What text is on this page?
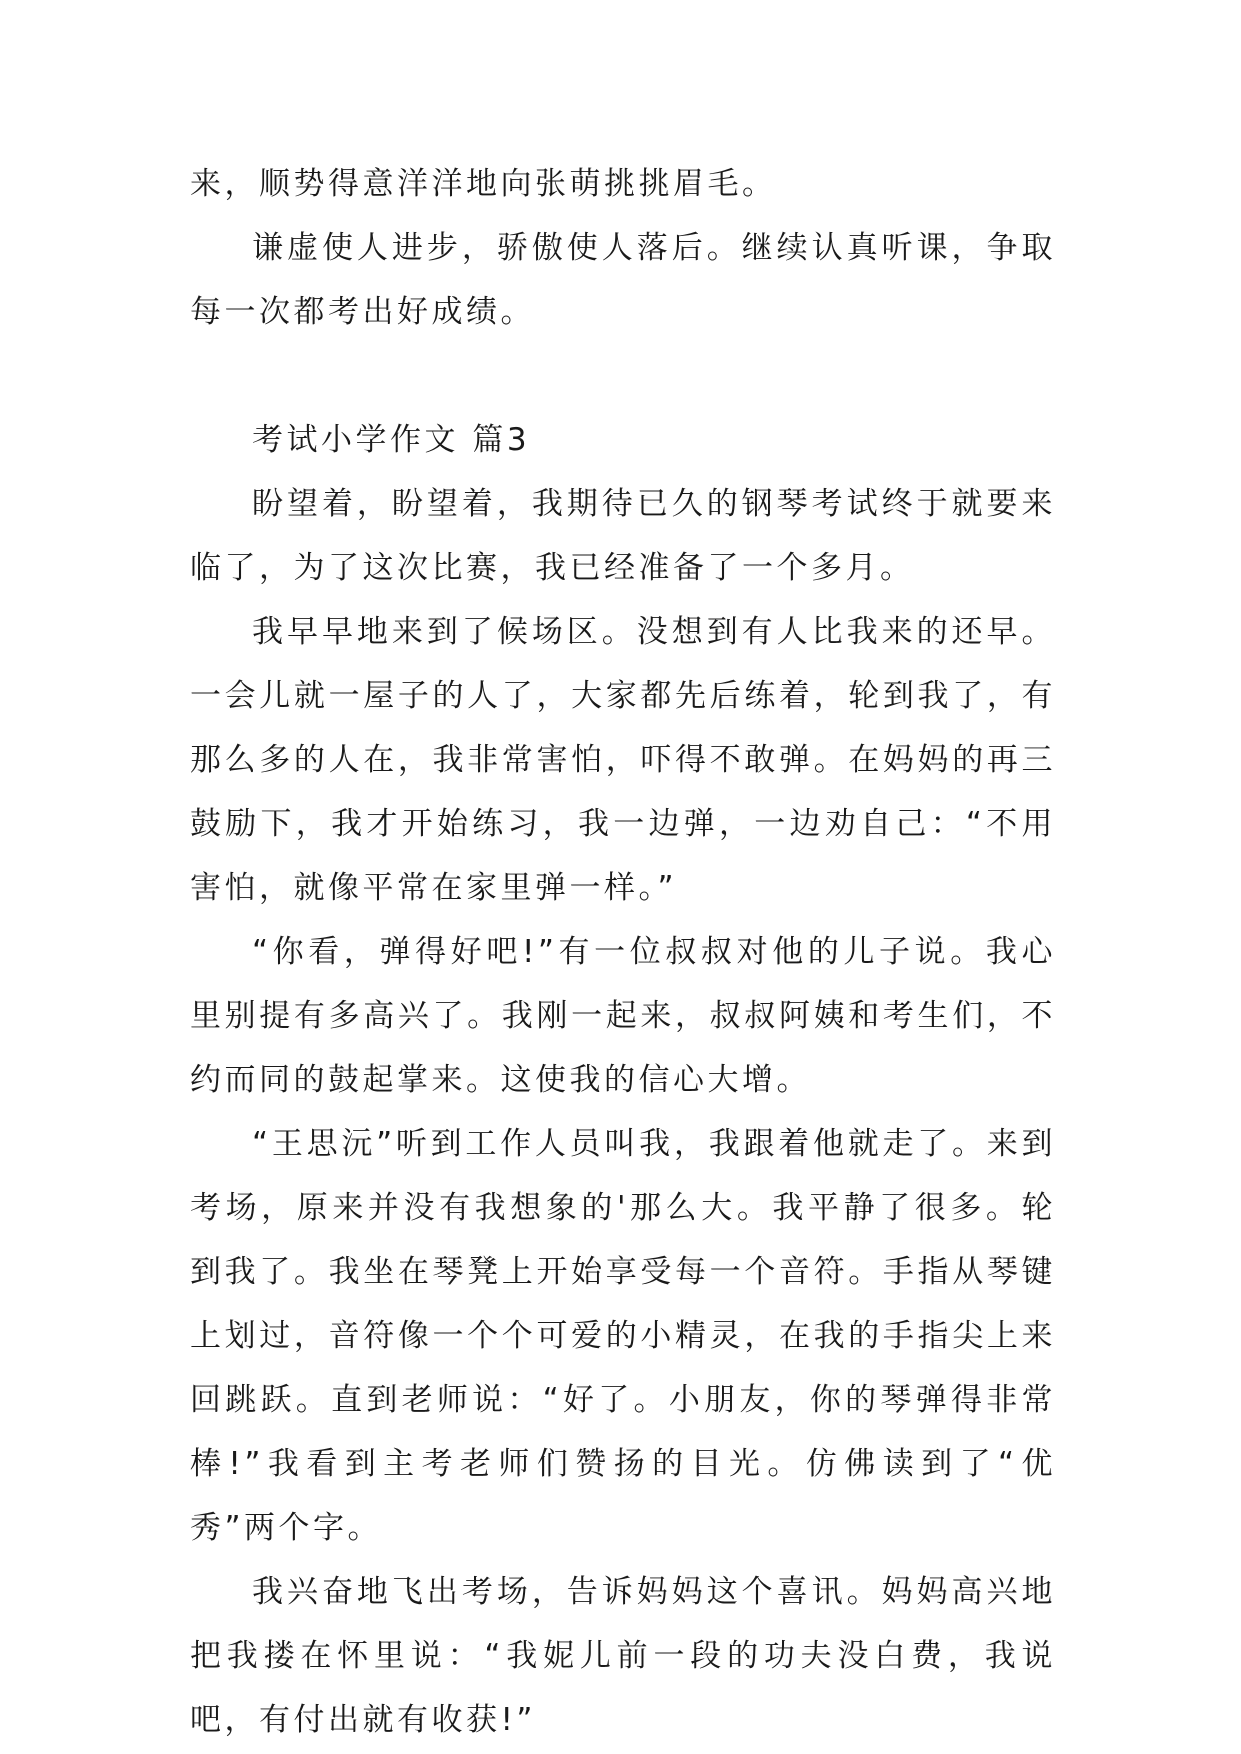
来，顺势得意洋洋地向张萌挑挑眉毛。

谦虚使人进步，骄傲使人落后。继续认真听课，争取每一次都考出好成绩。

考试小学作文 篇3

盼望着，盼望着，我期待已久的钢琴考试终于就要来临了，为了这次比赛，我已经准备了一个多月。

我早早地来到了候场区。没想到有人比我来的还早。一会儿就一屋子的人了，大家都先后练着，轮到我了，有那么多的人在，我非常害怕，吓得不敢弹。在妈妈的再三鼓励下，我才开始练习，我一边弹，一边劝自己：“不用害怕，就像平常在家里弹一样。”

“你看，弹得好吧!”有一位叔叔对他的儿子说。我心里别提有多高兴了。我刚一起来，叔叔阿姨和考生们，不约而同的鼓起掌来。这使我的信心大增。

“王思沅”听到工作人员叫我，我跟着他就走了。来到考场，原来并没有我想象的'那么大。我平静了很多。轮到我了。我坐在琴凳上开始享受每一个音符。手指从琴键上划过，音符像一个个可爱的小精灵，在我的手指尖上来回跳跃。直到老师说：“好了。小朋友，你的琴弹得非常棒!”我看到主考老师们赞扬的目光。仿佛读到了“优秀”两个字。

我兴奋地飞出考场，告诉妈妈这个喜讯。妈妈高兴地把我搂在怀里说：“我妮儿前一段的功夫没白费，我说吧，有付出就有收获!”
